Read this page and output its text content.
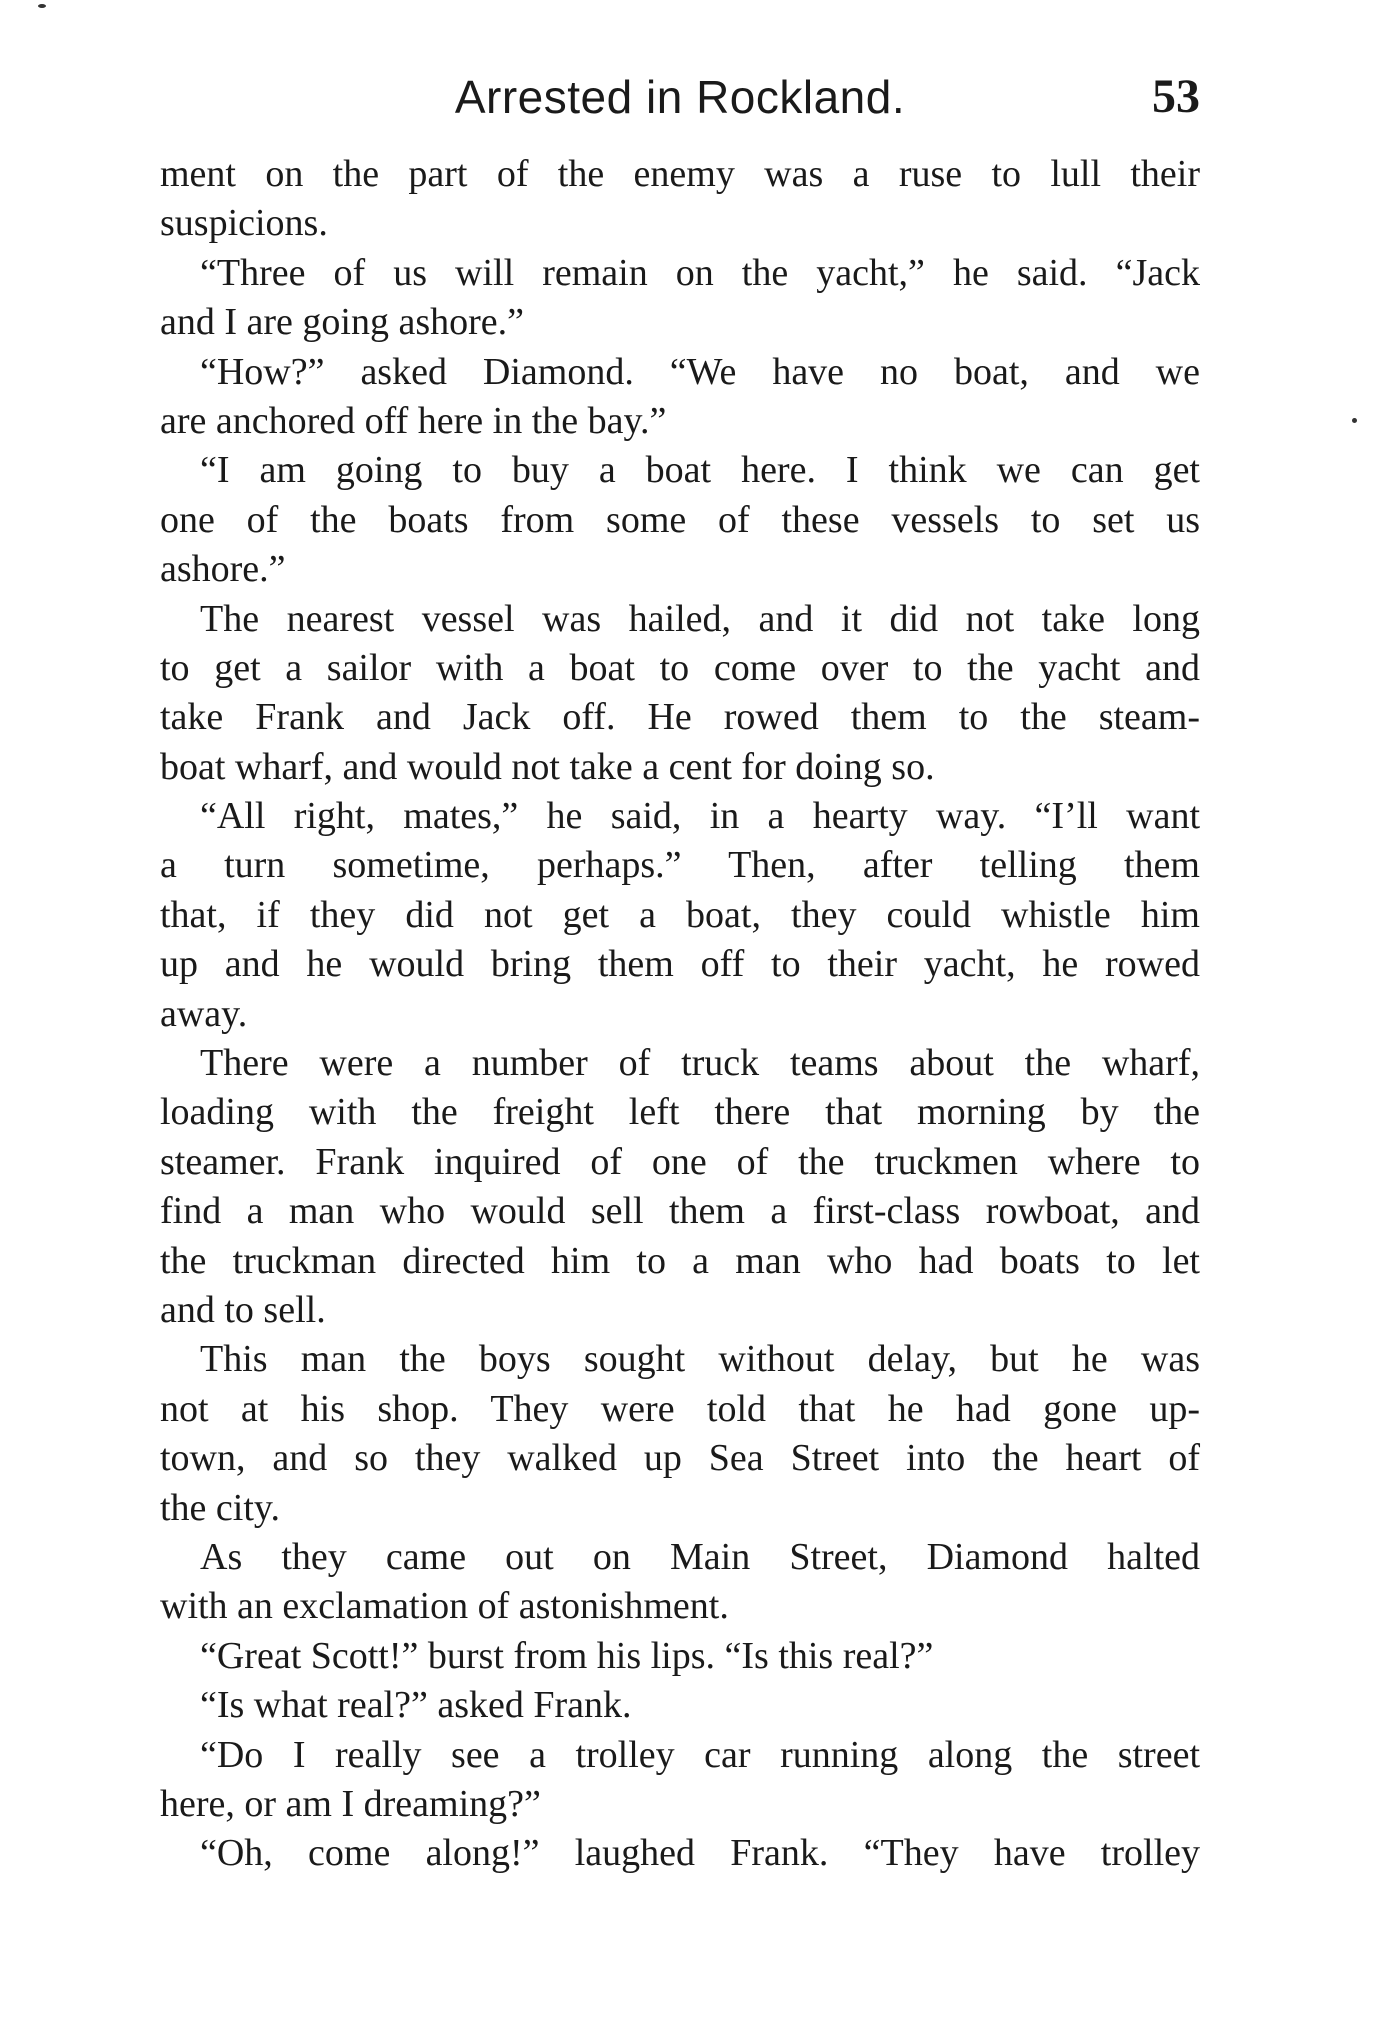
Arrested in Rockland.	53
ment on the part of the enemy was a ruse to lull their
suspicions.
“Three of us will remain on the yacht,” he said. “Jack
and I are going ashore.”
“How?” asked Diamond. “We have no boat, and we
are anchored off here in the bay.”
“I am going to buy a boat here. I think we can get
one of the boats from some of these vessels to set us
ashore.”
The nearest vessel was hailed, and it did not take long
to get a sailor with a boat to come over to the yacht and
take Frank and Jack off. He rowed them to the steam-
boat wharf, and would not take a cent for doing so.
“All right, mates,” he said, in a hearty way. “I’ll want
a turn sometime, perhaps.” Then, after telling them
that, if they did not get a boat, they could whistle him
up and he would bring them off to their yacht, he rowed
away.
There were a number of truck teams about the wharf,
loading with the freight left there that morning by the
steamer. Frank inquired of one of the truckmen where to
find a man who would sell them a first-class rowboat, and
the truckman directed him to a man who had boats to let
and to sell.
This man the boys sought without delay, but he was
not at his shop. They were told that he had gone up-
town, and so they walked up Sea Street into the heart of
the city.
As they came out on Main Street, Diamond halted
with an exclamation of astonishment.
“Great Scott!” burst from his lips. “Is this real?”
“Is what real?” asked Frank.
“Do I really see a trolley car running along the street
here, or am I dreaming?”
“Oh, come along!” laughed Frank. “They have trolley
